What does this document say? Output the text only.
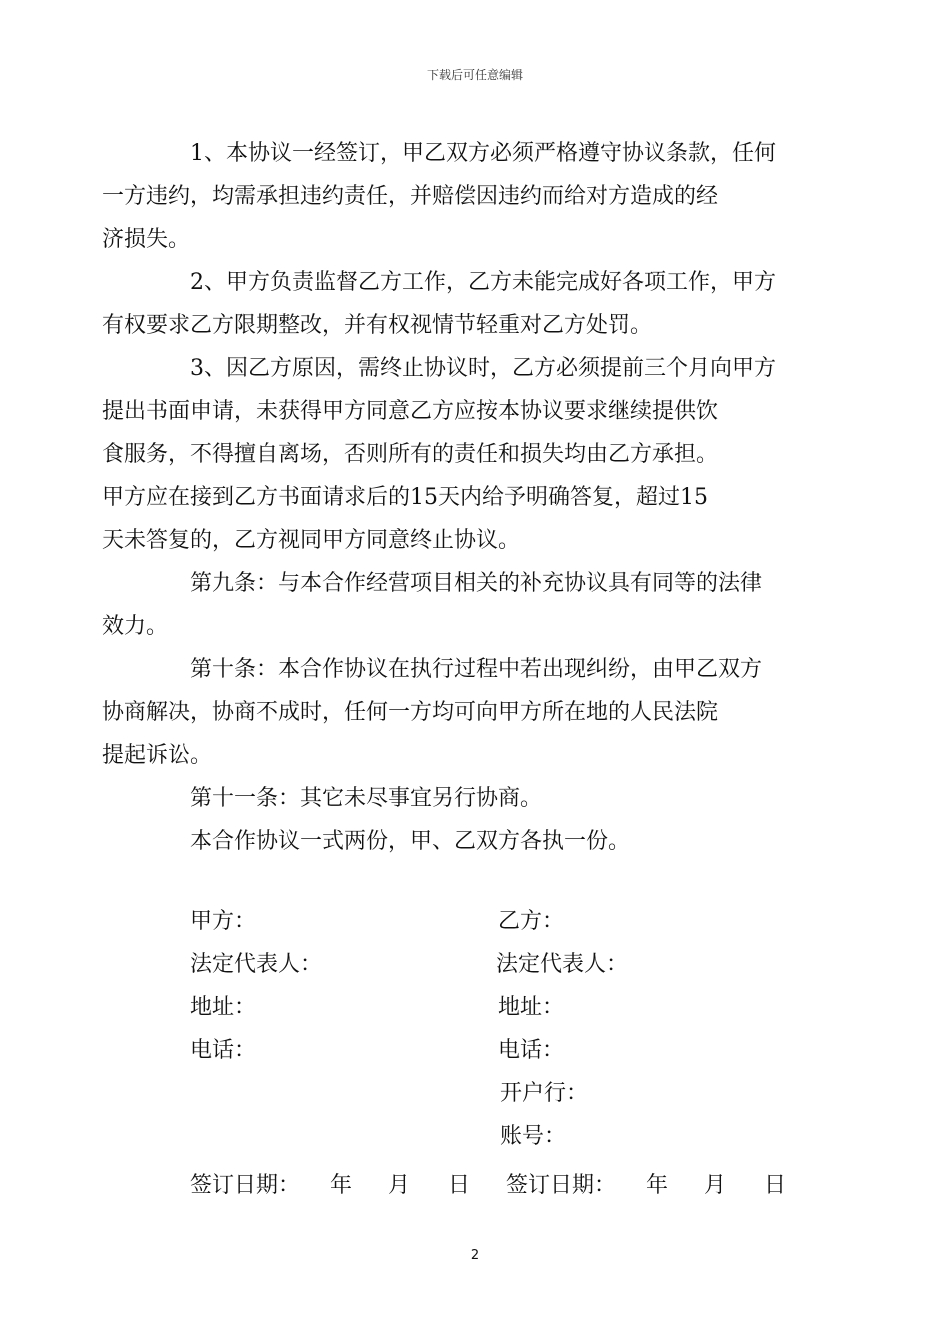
下载后可任意编辑
1、本协议一经签订，甲乙双方必须严格遵守协议条款，任何
一方违约，均需承担违约责任，并赔偿因违约而给对方造成的经
济损失。
2、甲方负责监督乙方工作，乙方未能完成好各项工作，甲方
有权要求乙方限期整改，并有权视情节轻重对乙方处罚。
3、因乙方原因，需终止协议时，乙方必须提前三个月向甲方
提出书面申请，未获得甲方同意乙方应按本协议要求继续提供饮
食服务，不得擅自离场，否则所有的责任和损失均由乙方承担。
甲方应在接到乙方书面请求后的15天内给予明确答复，超过15
天未答复的，乙方视同甲方同意终止协议。
第九条：与本合作经营项目相关的补充协议具有同等的法律
效力。
第十条：本合作协议在执行过程中若出现纠纷，由甲乙双方
协商解决，协商不成时，任何一方均可向甲方所在地的人民法院
提起诉讼。
第十一条：其它未尽事宜另行协商。
本合作协议一式两份，甲、乙双方各执一份。
甲方：
法定代表人：
地址：
电话：
乙方：
法定代表人：
地址：
电话：
开户行：
账号：
签订日期： 年 月 日 签订日期： 年 月 日
2
